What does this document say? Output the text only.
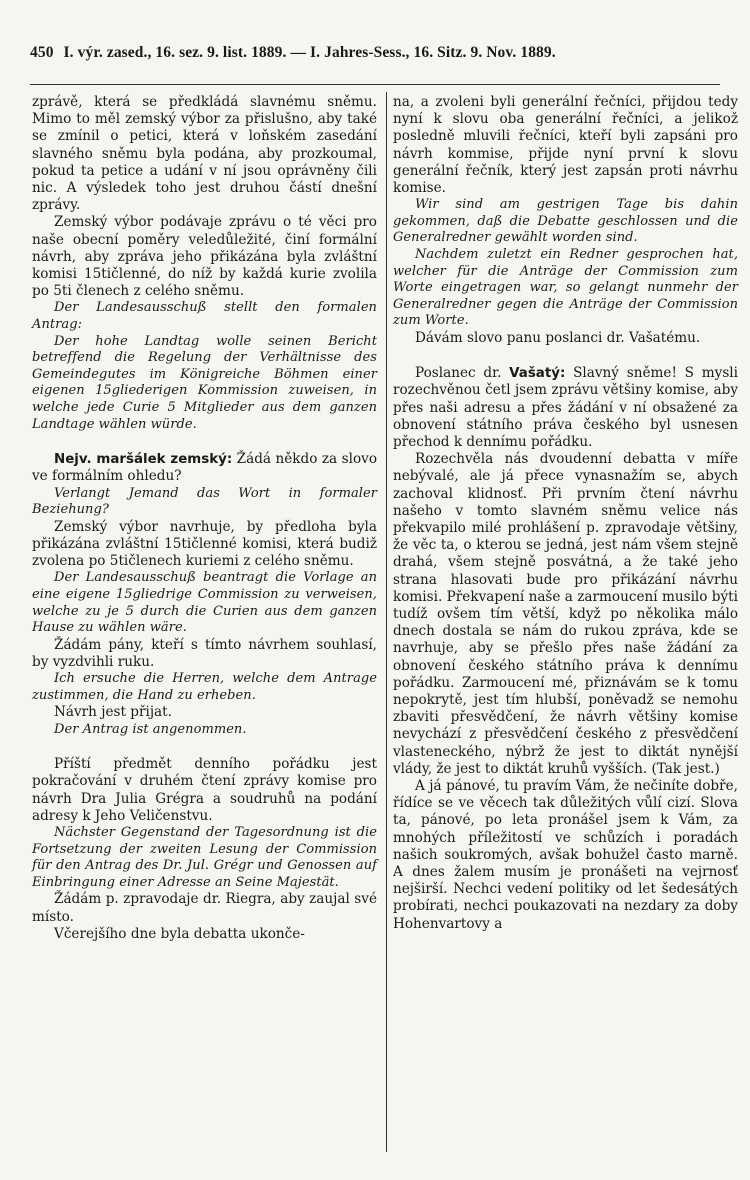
450 I. výr. zased., 16. sez. 9. list. 1889. — I. Jahres-Sess., 16. Sitz. 9. Nov. 1889.

zprávě, která se předkládá slavnému sněmu. Mimo to měl zemský výbor za přislušno, aby také se zmínil o petici, která v loňském zasedání slavného sněmu byla podána, aby prozkoumal, pokud ta petice a udání v ní jsou oprávněny čili nic. A výsledek toho jest druhou částí dnešní zprávy.

Zemský výbor podávaje zprávu o té věci pro naše obecní poměry veledůležité, činí formální návrh, aby zpráva jeho přikázána byla zvláštní komisi 15tičlenné, do níž by každá kurie zvolila po 5ti členech z celého sněmu.

Der Landesausschuß stellt den formalen Antrag:

Der hohe Landtag wolle seinen Bericht betreffend die Regelung der Verhältnisse des Gemeindegutes im Königreiche Böhmen einer eigenen 15gliederigen Kommission zuweisen, in welche jede Curie 5 Mitglieder aus dem ganzen Landtage wählen würde.

Nejv. maršálek zemský: Žádá někdo za slovo ve formálním ohledu?

Verlangt Jemand das Wort in formaler Beziehung?

Zemský výbor navrhuje, by předloha byla přikázána zvláštní 15tičlenné komisi, která budiž zvolena po 5tičlenech kuriemi z celého sněmu.

Der Landesausschuß beantragt die Vorlage an eine eigene 15gliedrige Commission zu verweisen, welche zu je 5 durch die Curien aus dem ganzen Hause zu wählen wäre.

Žádám pány, kteří s tímto návrhem souhlasí, by vyzdvihli ruku.

Ich ersuche die Herren, welche dem Antrage zustimmen, die Hand zu erheben.

Návrh jest přijat.

Der Antrag ist angenommen.

Příští předmět denního pořádku jest pokračování v druhém čtení zprávy komise pro návrh Dra Julia Grégra a soudruhů na podání adresy k Jeho Veličenstvu.

Nächster Gegenstand der Tagesordnung ist die Fortsetzung der zweiten Lesung der Commission für den Antrag des Dr. Jul. Grégr und Genossen auf Einbringung einer Adresse an Seine Majestät.

Žádám p. zpravodaje dr. Riegra, aby zaujal své místo.

Včerejšího dne byla debatta ukonče-

na, a zvoleni byli generální řečníci, přijdou tedy nyní k slovu oba generální řečníci, a jelikož posledně mluvili řečníci, kteří byli zapsáni pro návrh kommise, přijde nyní první k slovu generální řečník, který jest zapsán proti návrhu komise.

Wir sind am gestrigen Tage bis dahin gekommen, daß die Debatte geschlossen und die Generalredner gewählt worden sind.

Nachdem zuletzt ein Redner gesprochen hat, welcher für die Anträge der Commission zum Worte eingetragen war, so gelangt nunmehr der Generalredner gegen die Anträge der Commission zum Worte.

Dávám slovo panu poslanci dr. Vašatému.

Poslanec dr. Vašatý: Slavný sněme! S mysli rozechvěnou četl jsem zprávu většiny komise, aby přes naši adresu a přes žádání v ní obsažené za obnovení státního práva českého byl usnesen přechod k dennímu pořádku.

Rozechvěla nás dvoudenní debatta v míře nebývalé, ale já přece vynasnažím se, abych zachoval klidnosť. Při prvním čtení návrhu našeho v tomto slavném sněmu velice nás překvapilo milé prohlášení p. zpravodaje většiny, že věc ta, o kterou se jedná, jest nám všem stejně drahá, všem stejně posvátná, a že také jeho strana hlasovati bude pro přikázání návrhu komisi. Překvapení naše a zarmoucení musilo býti tudíž ovšem tím větší, když po několika málo dnech dostala se nám do rukou zpráva, kde se navrhuje, aby se přešlo přes naše žádání za obnovení českého státního práva k dennímu pořádku. Zarmoucení mé, přiznávám se k tomu nepokrytě, jest tím hlubší, poněvadž se nemohu zbaviti přesvědčení, že návrh většiny komise nevychází z přesvědčení českého z přesvědčení vlasteneckého, nýbrž že jest to diktát nynější vlády, že jest to diktát kruhů vyšších. (Tak jest.)

A já pánové, tu pravím Vám, že nečiníte dobře, řídíce se ve věcech tak důležitých vůlí cizí. Slova ta, pánové, po leta pronášel jsem k Vám, za mnohých příležitostí ve schůzích i poradách našich soukromých, avšak bohužel často marně. A dnes žalem musím je pronášeti na vejrnosť nejširší. Nechci vedení politiky od let šedesátých probírati, nechci poukazovati na nezdary za doby Hohenvartovy a
